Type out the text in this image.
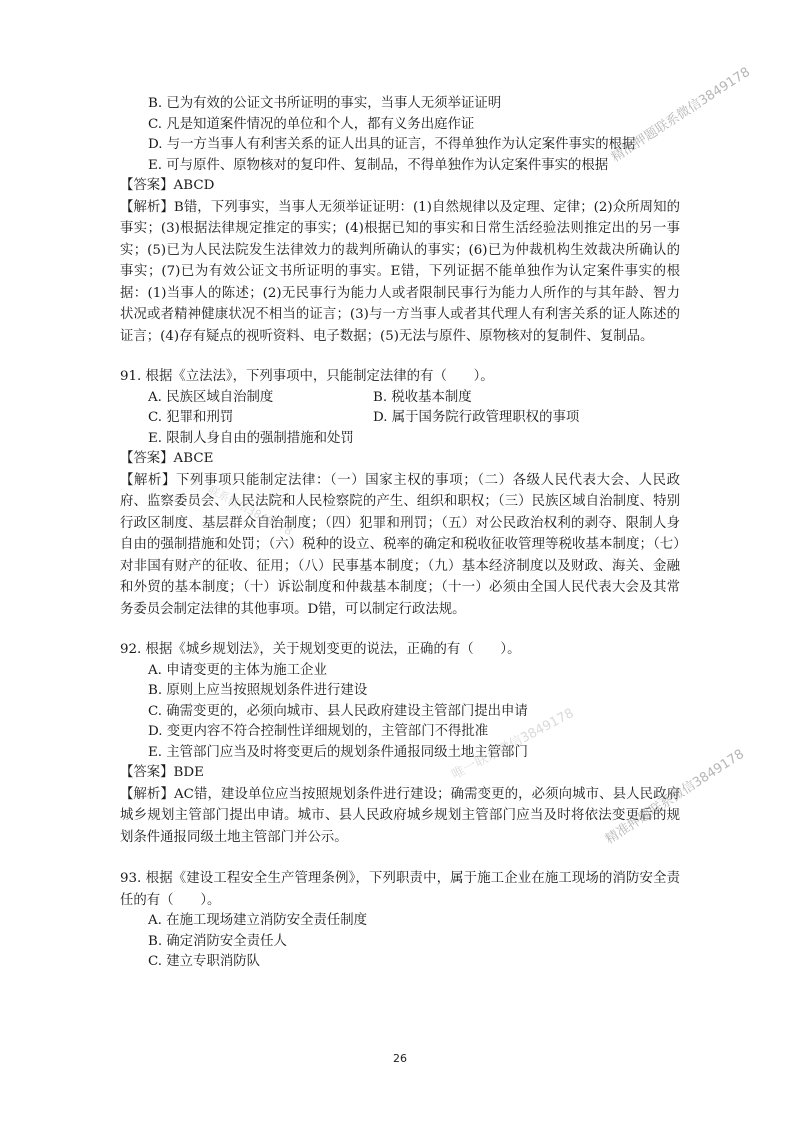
B. 已为有效的公证文书所证明的事实，当事人无须举证证明
C. 凡是知道案件情况的单位和个人，都有义务出庭作证
D. 与一方当事人有利害关系的证人出具的证言，不得单独作为认定案件事实的根据
E. 可与原件、原物核对的复印件、复制品，不得单独作为认定案件事实的根据
【答案】ABCD
【解析】B错，下列事实，当事人无须举证证明：(1)自然规律以及定理、定律；(2)众所周知的事实；(3)根据法律规定推定的事实；(4)根据已知的事实和日常生活经验法则推定出的另一事实；(5)已为人民法院发生法律效力的裁判所确认的事实；(6)已为仲裁机构生效裁决所确认的事实；(7)已为有效公证文书所证明的事实。E错，下列证据不能单独作为认定案件事实的根据：(1)当事人的陈述；(2)无民事行为能力人或者限制民事行为能力人所作的与其年龄、智力状况或者精神健康状况不相当的证言；(3)与一方当事人或者其代理人有利害关系的证人陈述的证言；(4)存有疑点的视听资料、电子数据；(5)无法与原件、原物核对的复制件、复制品。
91. 根据《立法法》，下列事项中，只能制定法律的有（　　）。
A. 民族区域自治制度	B. 税收基本制度
C. 犯罪和刑罚	D. 属于国务院行政管理职权的事项
E. 限制人身自由的强制措施和处罚
【答案】ABCE
【解析】下列事项只能制定法律：（一）国家主权的事项；（二）各级人民代表大会、人民政府、监察委员会、人民法院和人民检察院的产生、组织和职权；（三）民族区域自治制度、特别行政区制度、基层群众自治制度；（四）犯罪和刑罚；（五）对公民政治权利的剥夺、限制人身自由的强制措施和处罚；（六）税种的设立、税率的确定和税收征收管理等税收基本制度；（七）对非国有财产的征收、征用；（八）民事基本制度；（九）基本经济制度以及财政、海关、金融和外贸的基本制度；（十）诉讼制度和仲裁基本制度；（十一）必须由全国人民代表大会及其常务委员会制定法律的其他事项。D错，可以制定行政法规。
92. 根据《城乡规划法》，关于规划变更的说法，正确的有（　　）。
A. 申请变更的主体为施工企业
B. 原则上应当按照规划条件进行建设
C. 确需变更的，必须向城市、县人民政府建设主管部门提出申请
D. 变更内容不符合控制性详细规划的，主管部门不得批准
E. 主管部门应当及时将变更后的规划条件通报同级土地主管部门
【答案】BDE
【解析】AC错，建设单位应当按照规划条件进行建设；确需变更的，必须向城市、县人民政府城乡规划主管部门提出申请。城市、县人民政府城乡规划主管部门应当及时将依法变更后的规划条件通报同级土地主管部门并公示。
93. 根据《建设工程安全生产管理条例》，下列职责中，属于施工企业在施工现场的消防安全责任的有（　　）。
A. 在施工现场建立消防安全责任制度
B. 确定消防安全责任人
C. 建立专职消防队
26
精准押题联系微信3849178
精准押题联系微信3849178
唯一联系微信3849178
唯一联系微信3849178
